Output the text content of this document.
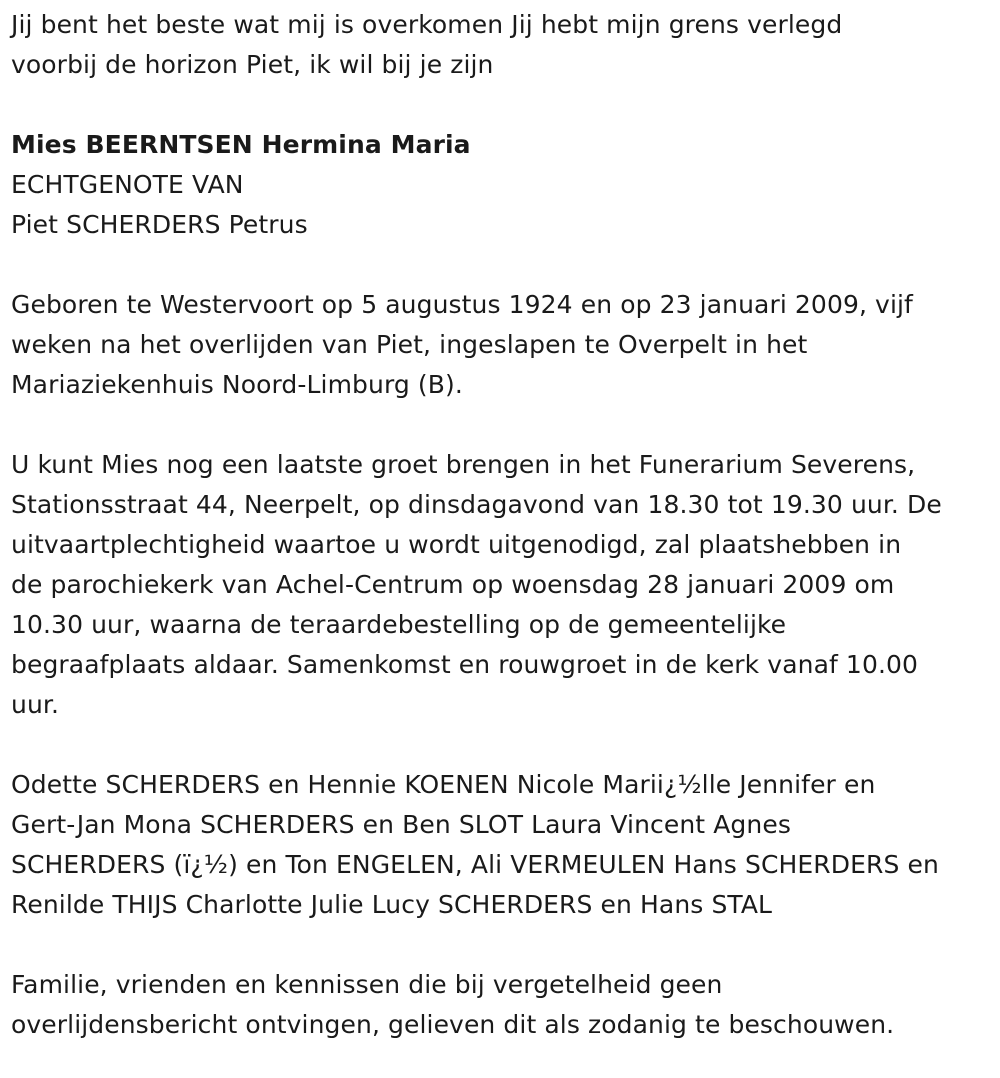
Jij bent het beste wat mij is overkomen Jij hebt mijn grens verlegd
voorbij de horizon Piet, ik wil bij je zijn

Mies BEERNTSEN Hermina Maria
ECHTGENOTE VAN
Piet SCHERDERS Petrus

Geboren te Westervoort op 5 augustus 1924 en op 23 januari 2009, vijf
weken na het overlijden van Piet, ingeslapen te Overpelt in het
Mariaziekenhuis Noord-Limburg (B).

U kunt Mies nog een laatste groet brengen in het Funerarium Severens,
Stationsstraat 44, Neerpelt, op dinsdagavond van 18.30 tot 19.30 uur. De
uitvaartplechtigheid waartoe u wordt uitgenodigd, zal plaatshebben in
de parochiekerk van Achel-Centrum op woensdag 28 januari 2009 om
10.30 uur, waarna de teraardebestelling op de gemeentelijke
begraafplaats aldaar. Samenkomst en rouwgroet in de kerk vanaf 10.00
uur.

Odette SCHERDERS en Hennie KOENEN Nicole Marii¿½lle Jennifer en
Gert-Jan Mona SCHERDERS en Ben SLOT Laura Vincent Agnes
SCHERDERS (ï¿½) en Ton ENGELEN, Ali VERMEULEN Hans SCHERDERS en
Renilde THIJS Charlotte Julie Lucy SCHERDERS en Hans STAL

Familie, vrienden en kennissen die bij vergetelheid geen
overlijdensbericht ontvingen, gelieven dit als zodanig te beschouwen.
